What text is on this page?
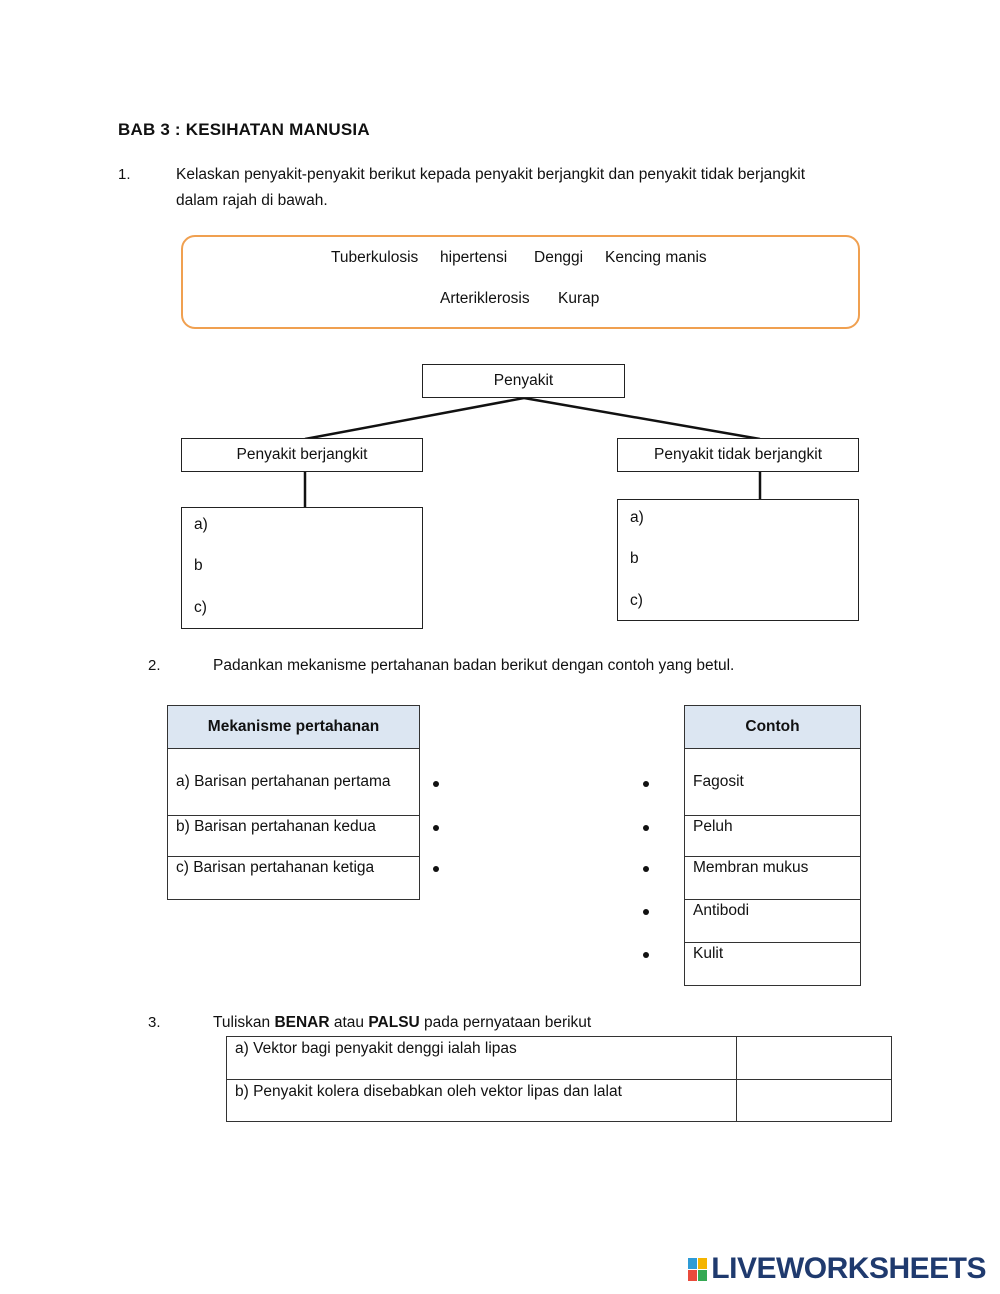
BAB 3 : KESIHATAN MANUSIA
1.	Kelaskan penyakit-penyakit berikut kepada penyakit berjangkit dan penyakit tidak berjangkit
dalam rajah di bawah.
Tuberkulosis hipertensi Denggi Kencing manis
Arteriklerosis Kurap
Penyakit
Penyakit berjangkit	Penyakit tidak berjangkit
a)
b
c)
a)
b
c)
2.	Padankan mekanisme pertahanan badan berikut dengan contoh yang betul.
Mekanisme pertahanan
a) Barisan pertahanan pertama
b) Barisan pertahanan kedua
c) Barisan pertahanan ketiga
Contoh
Fagosit
Peluh
Membran mukus
Antibodi
Kulit
3.	Tuliskan BENAR atau PALSU pada pernyataan berikut
a) Vektor bagi penyakit denggi ialah lipas	
b) Penyakit kolera disebabkan oleh vektor lipas dan lalat	
LIVEWORKSHEETS
